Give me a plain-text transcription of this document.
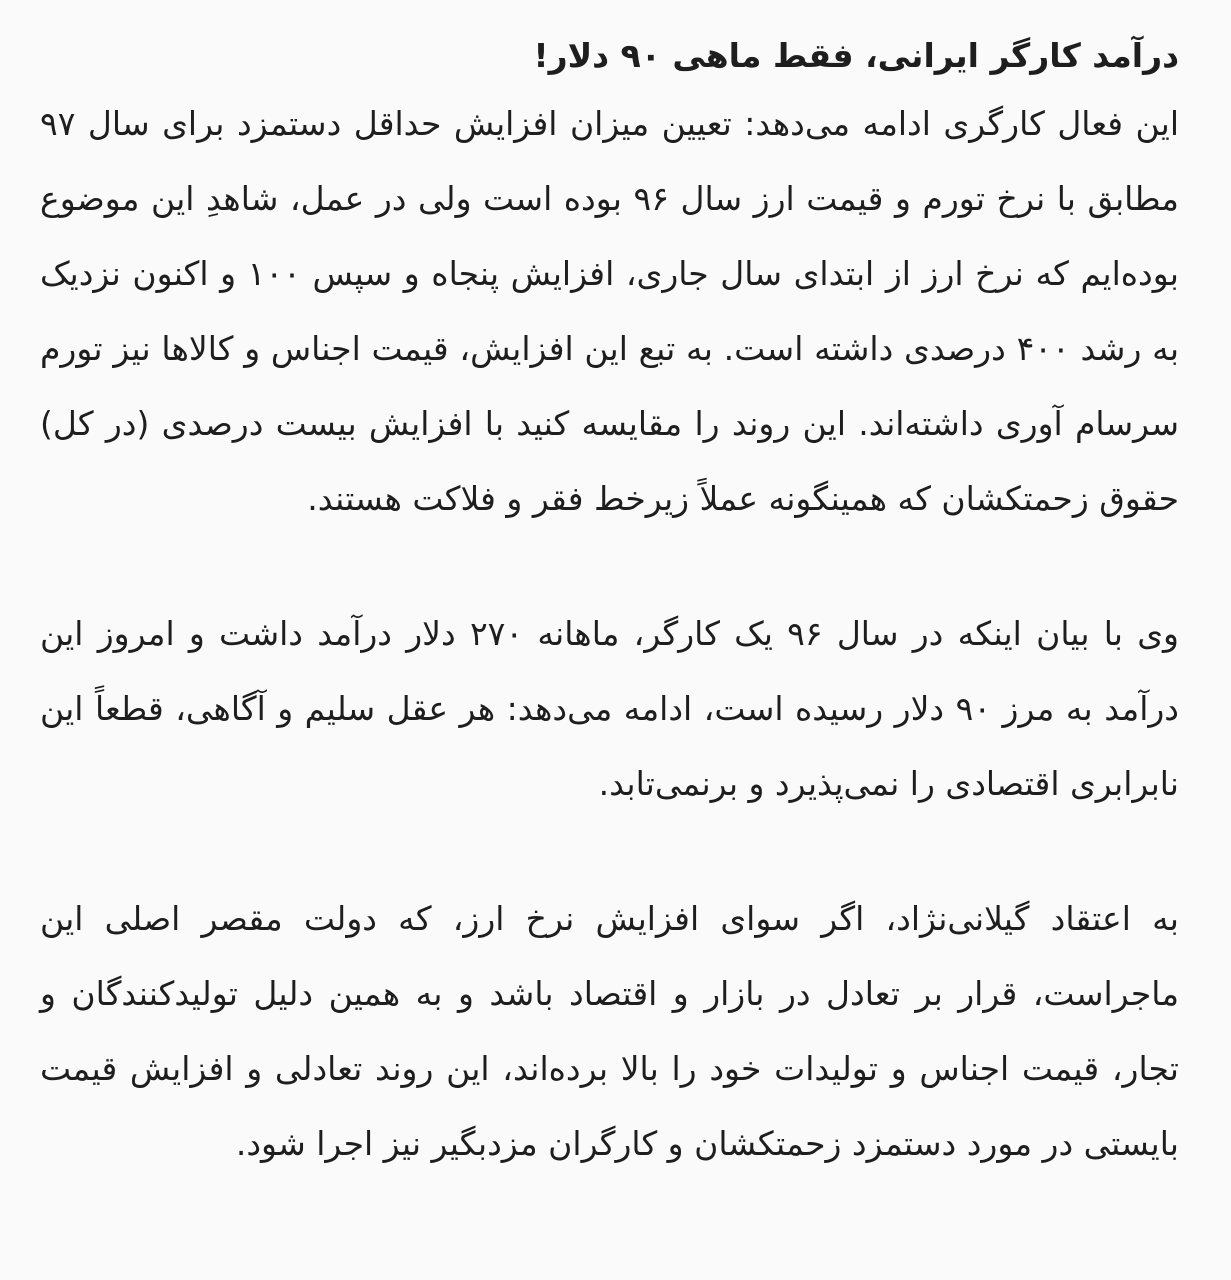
درآمد کارگر ایرانی، فقط ماهی ۹۰ دلار!

این فعال کارگری ادامه می‌دهد: تعیین میزان افزایش حداقل دستمزد برای سال ۹۷ مطابق با نرخ تورم و قیمت ارز سال ۹۶ بوده است ولی در عمل، شاهدِ این موضوع بوده‌ایم که نرخ ارز از ابتدای سال جاری، افزایش پنجاه و سپس ۱۰۰ و اکنون نزدیک به رشد ۴۰۰ درصدی داشته است. به تبع این افزایش، قیمت اجناس و کالاها نیز تورم سرسام آوری داشته‌اند. این روند را مقایسه کنید با افزایش بیست درصدی (در کل) حقوق زحمتکشان که همینگونه عملاً زیرخط فقر و فلاکت هستند.

وی با بیان اینکه در سال ۹۶ یک کارگر، ماهانه ۲۷۰ دلار درآمد داشت و امروز این درآمد به مرز ۹۰ دلار رسیده است، ادامه می‌دهد: هر عقل سلیم و آگاهی، قطعاً این نابرابری اقتصادی را نمی‌پذیرد و برنمی‌تابد.

به اعتقاد گیلانی‌نژاد، اگر سوای افزایش نرخ ارز، که دولت مقصر اصلی این ماجراست، قرار بر تعادل در بازار و اقتصاد باشد و به همین دلیل تولیدکنندگان و تجار، قیمت اجناس و تولیدات خود را بالا برده‌اند، این روند تعادلی و افزایش قیمت بایستی در مورد دستمزد زحمتکشان و کارگران مزدبگیر نیز اجرا شود.
